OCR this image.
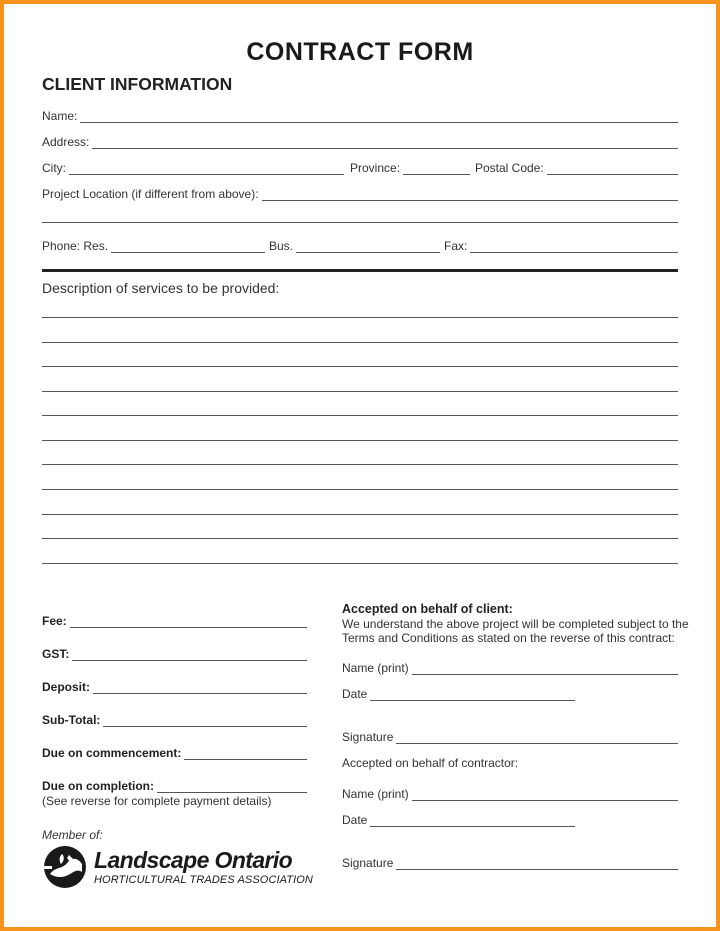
CONTRACT FORM
CLIENT INFORMATION
Name:
Address:
City:	Province:	Postal Code:
Project Location (if different from above):
Phone: Res.	Bus.	Fax:
Description of services to be provided:
Fee:
GST:
Deposit:
Sub-Total:
Due on commencement:
Due on completion:
(See reverse for complete payment details)
Accepted on behalf of client:
We understand the above project will be completed subject to the
Terms and Conditions as stated on the reverse of this contract:
Name (print)
Date
Signature
Accepted on behalf of contractor:
Name (print)
Date
Signature
Member of:
Landscape Ontario
HORTICULTURAL TRADES ASSOCIATION
